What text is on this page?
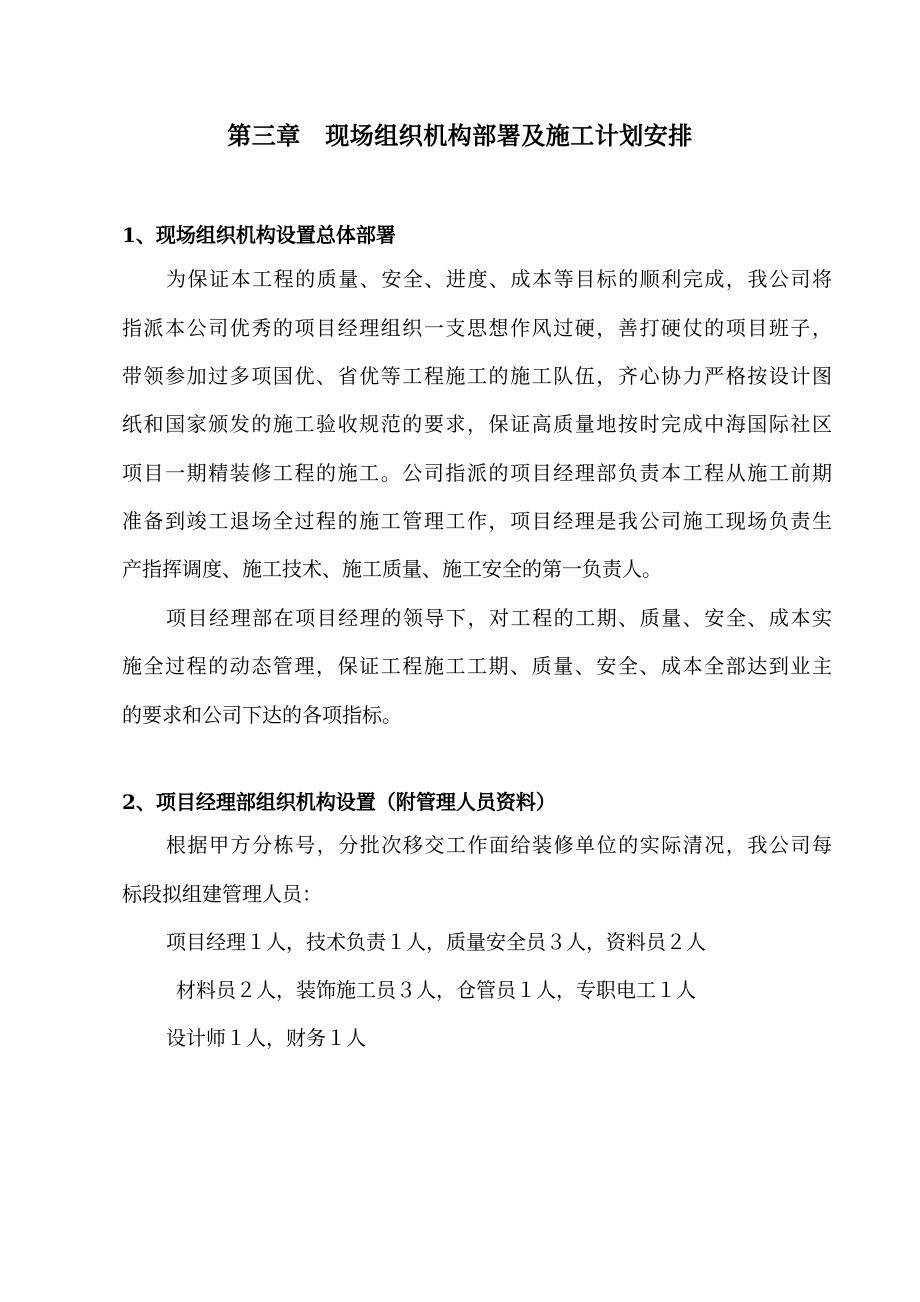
第三章　现场组织机构部署及施工计划安排
1、现场组织机构设置总体部署
为保证本工程的质量、安全、进度、成本等目标的顺利完成，我公司将
指派本公司优秀的项目经理组织一支思想作风过硬，善打硬仗的项目班子，
带领参加过多项国优、省优等工程施工的施工队伍，齐心协力严格按设计图
纸和国家颁发的施工验收规范的要求，保证高质量地按时完成中海国际社区
项目一期精装修工程的施工。公司指派的项目经理部负责本工程从施工前期
准备到竣工退场全过程的施工管理工作，项目经理是我公司施工现场负责生
产指挥调度、施工技术、施工质量、施工安全的第一负责人。
项目经理部在项目经理的领导下，对工程的工期、质量、安全、成本实
施全过程的动态管理，保证工程施工工期、质量、安全、成本全部达到业主
的要求和公司下达的各项指标。
2、项目经理部组织机构设置（附管理人员资料）
根据甲方分栋号，分批次移交工作面给装修单位的实际清况，我公司每
标段拟组建管理人员：
项目经理１人，技术负责１人，质量安全员３人，资料员２人
材料员２人，装饰施工员３人，仓管员１人，专职电工１人
设计师１人，财务１人
